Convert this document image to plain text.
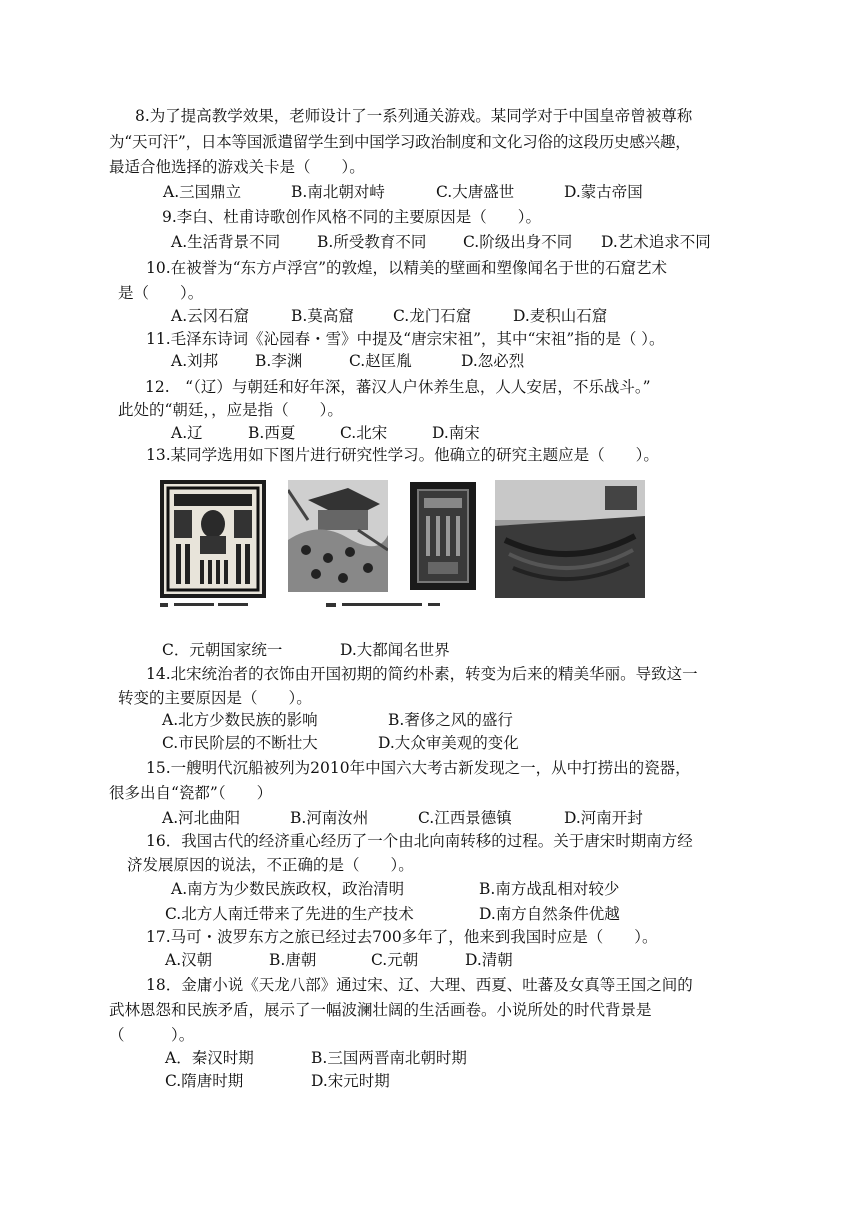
8.为了提高教学效果，老师设计了一系列通关游戏。某同学对于中国皇帝曾被尊称
为“天可汗”，日本等国派遣留学生到中国学习政治制度和文化习俗的这段历史感兴趣，
最适合他选择的游戏关卡是（　　）。
A.三国鼎立	B.南北朝对峙	C.大唐盛世	D.蒙古帝国
9.李白、杜甫诗歌创作风格不同的主要原因是（　　）。
A.生活背景不同 B.所受教育不同 C.阶级出身不同 D.艺术追求不同
10.在被誉为“东方卢浮宫”的敦煌，以精美的壁画和塑像闻名于世的石窟艺术
是（　　）。
A.云冈石窟	B.莫高窟	C.龙门石窟	D.麦积山石窟
11.毛泽东诗词《沁园春・雪》中提及“唐宗宋祖”，其中“宋祖”指的是（ ）。
A.刘邦 B.李渊	C.赵匡胤	D.忽必烈
12.　“（辽）与朝廷和好年深，蕃汉人户休养生息，人人安居，不乐战斗。”
此处的“朝廷，，应是指（　　）。
A.辽	B.西夏	C.北宋	D.南宋
13.某同学选用如下图片进行研究性学习。他确立的研究主题应是（　　）。
C．元朝国家统一	D.大都闻名世界
14.北宋统治者的衣饰由开国初期的简约朴素，转变为后来的精美华丽。导致这一
转变的主要原因是（　　）。
A.北方少数民族的影响	B.奢侈之风的盛行
C.市民阶层的不断壮大	D.大众审美观的变化
15.一艘明代沉船被列为2010年中国六大考古新发现之一，从中打捞出的瓷器，
很多出自“瓷都”（　　）
A.河北曲阳	B.河南汝州	C.江西景德镇	D.河南开封
16．我国古代的经济重心经历了一个由北向南转移的过程。关于唐宋时期南方经
济发展原因的说法，不正确的是（　　）。
A.南方为少数民族政权，政治清明	B.南方战乱相对较少
C.北方人南迁带来了先进的生产技术	D.南方自然条件优越
17.马可・波罗东方之旅已经过去700多年了，他来到我国时应是（　　）。
A.汉朝	B.唐朝	C.元朝	D.清朝
18．金庸小说《天龙八部》通过宋、辽、大理、西夏、吐蕃及女真等王国之间的
武林恩怨和民族矛盾，展示了一幅波澜壮阔的生活画卷。小说所处的时代背景是
（　　　）。
A．秦汉时期	B.三国两晋南北朝时期
C.隋唐时期	D.宋元时期
